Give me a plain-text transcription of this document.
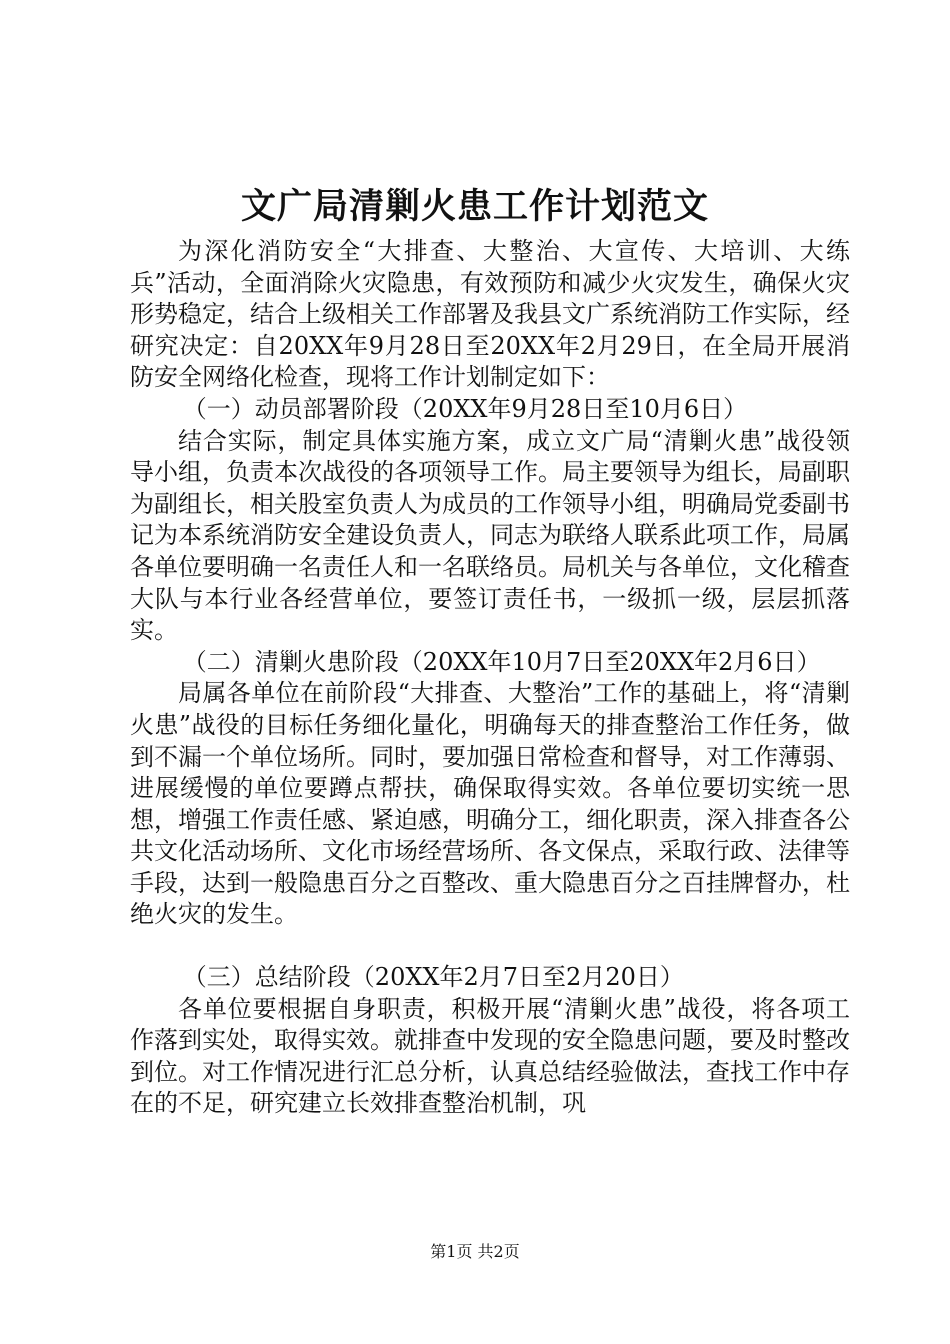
文广局清剿火患工作计划范文

为深化消防安全“大排查、大整治、大宣传、大培训、大练兵”活动，全面消除火灾隐患，有效预防和减少火灾发生，确保火灾形势稳定，结合上级相关工作部署及我县文广系统消防工作实际，经研究决定：自20XX年9月28日至20XX年2月29日，在全局开展消防安全网络化检查，现将工作计划制定如下：

（一）动员部署阶段（20XX年9月28日至10月6日）

结合实际，制定具体实施方案，成立文广局“清剿火患”战役领导小组，负责本次战役的各项领导工作。局主要领导为组长，局副职为副组长，相关股室负责人为成员的工作领导小组，明确局党委副书记为本系统消防安全建设负责人，同志为联络人联系此项工作，局属各单位要明确一名责任人和一名联络员。局机关与各单位，文化稽查大队与本行业各经营单位，要签订责任书，一级抓一级，层层抓落实。

（二）清剿火患阶段（20XX年10月7日至20XX年2月6日）

局属各单位在前阶段“大排查、大整治”工作的基础上，将“清剿火患”战役的目标任务细化量化，明确每天的排查整治工作任务，做到不漏一个单位场所。同时，要加强日常检查和督导，对工作薄弱、进展缓慢的单位要蹲点帮扶，确保取得实效。各单位要切实统一思想，增强工作责任感、紧迫感，明确分工，细化职责，深入排查各公共文化活动场所、文化市场经营场所、各文保点，采取行政、法律等手段，达到一般隐患百分之百整改、重大隐患百分之百挂牌督办，杜绝火灾的发生。

（三）总结阶段（20XX年2月7日至2月20日）

各单位要根据自身职责，积极开展“清剿火患”战役，将各项工作落到实处，取得实效。就排查中发现的安全隐患问题，要及时整改到位。对工作情况进行汇总分析，认真总结经验做法，查找工作中存在的不足，研究建立长效排查整治机制，巩

第1页 共2页
